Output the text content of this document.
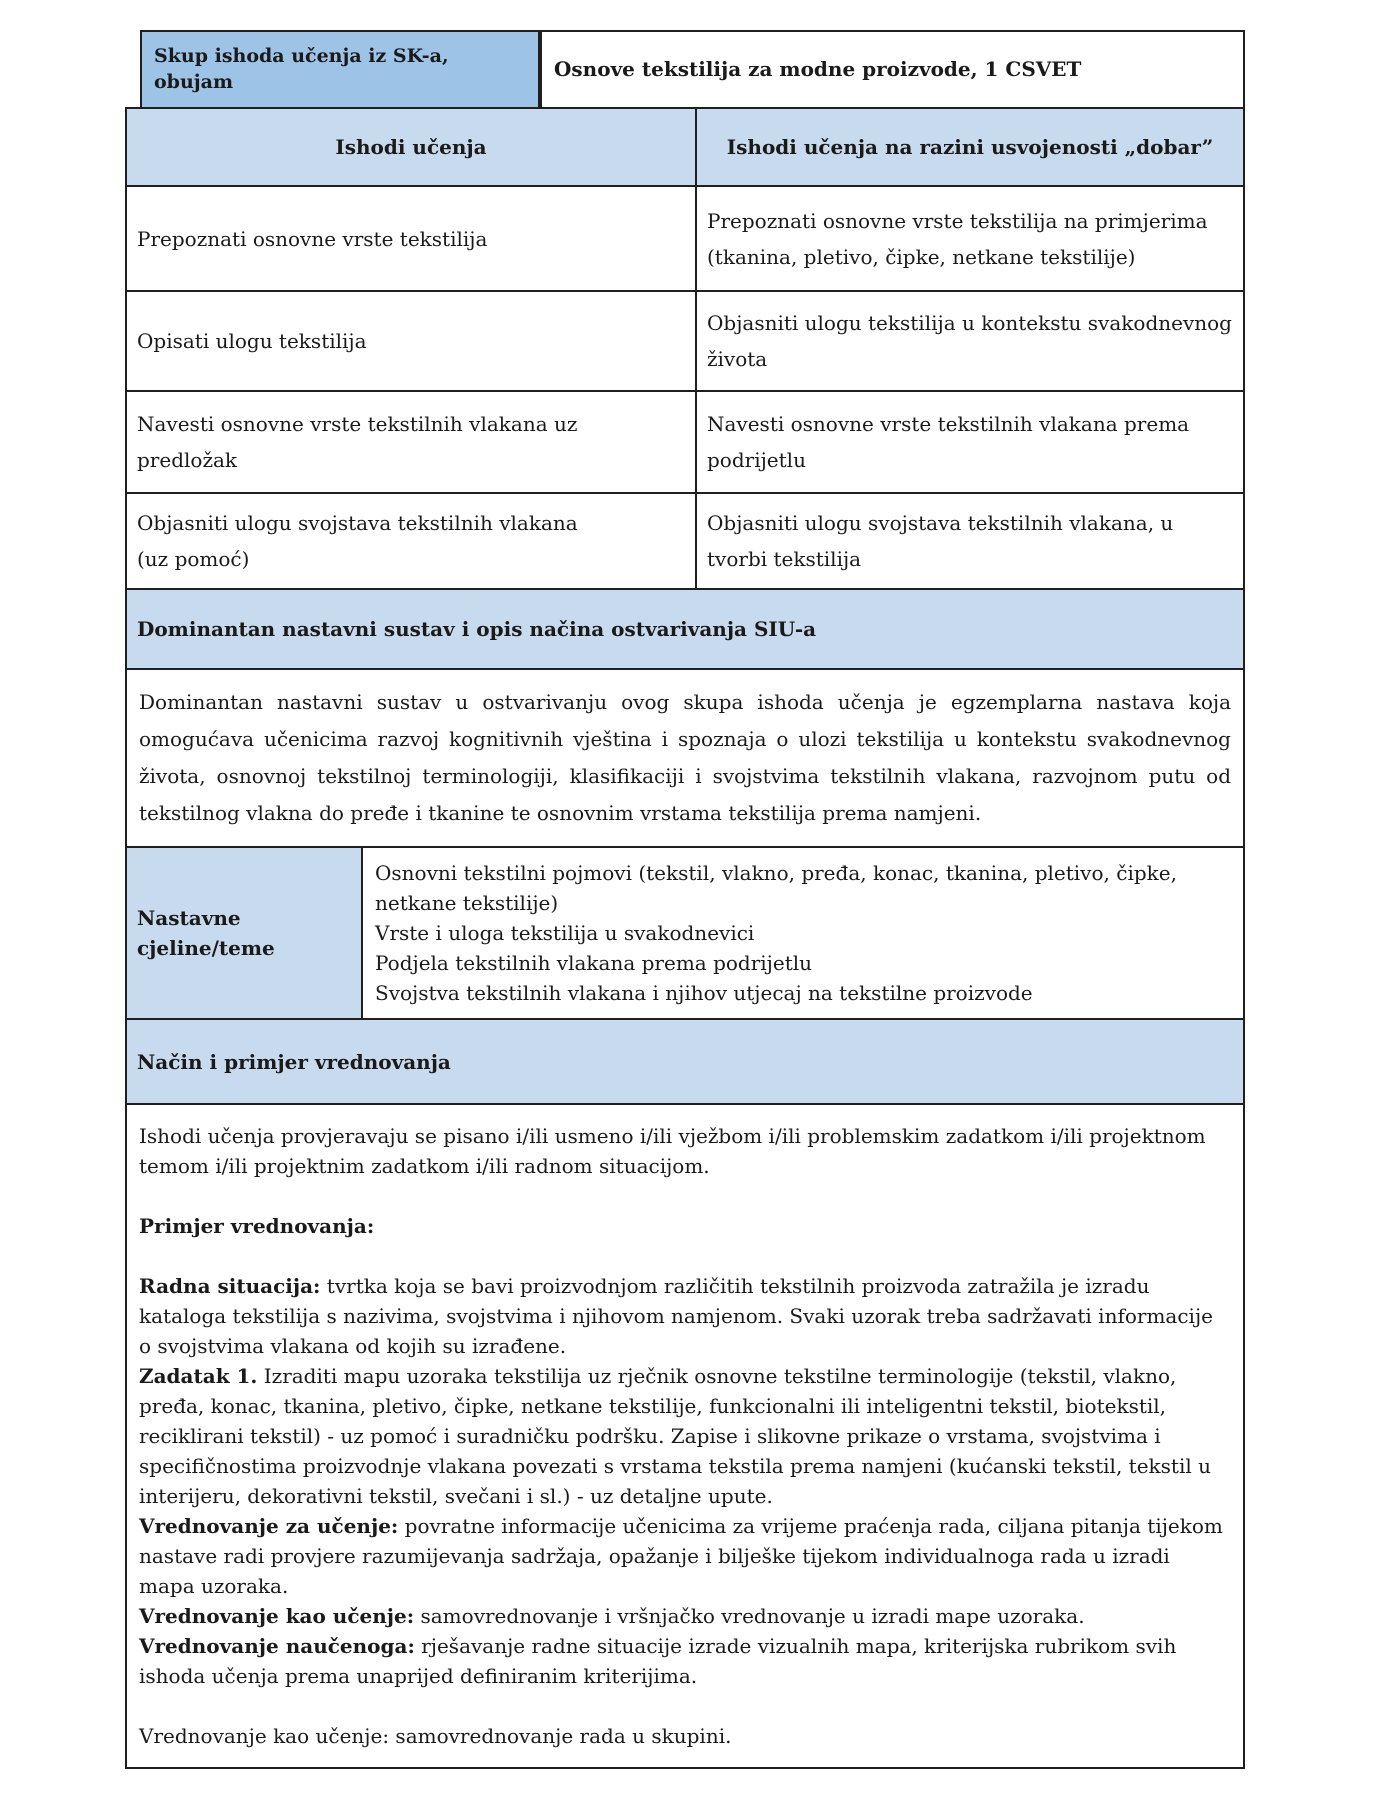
Skup ishoda učenja iz SK-a, obujam
Osnove tekstilija za modne proizvode, 1 CSVET
Ishodi učenja	Ishodi učenja na razini usvojenosti „dobar”
Prepoznati osnovne vrste tekstilija
Prepoznati osnovne vrste tekstilija na primjerima (tkanina, pletivo, čipke, netkane tekstilije)
Opisati ulogu tekstilija
Objasniti ulogu tekstilija u kontekstu svakodnevnog života
Navesti osnovne vrste tekstilnih vlakana uz predložak
Navesti osnovne vrste tekstilnih vlakana prema podrijetlu
Objasniti ulogu svojstava tekstilnih vlakana (uz pomoć)
Objasniti ulogu svojstava tekstilnih vlakana, u tvorbi tekstilija
Dominantan nastavni sustav i opis načina ostvarivanja SIU-a
Dominantan nastavni sustav u ostvarivanju ovog skupa ishoda učenja je egzemplarna nastava koja omogućava učenicima razvoj kognitivnih vještina i spoznaja o ulozi tekstilija u kontekstu svakodnevnog života, osnovnoj tekstilnoj terminologiji, klasifikaciji i svojstvima tekstilnih vlakana, razvojnom putu od tekstilnog vlakna do pređe i tkanine te osnovnim vrstama tekstilija prema namjeni.
Nastavne cjeline/teme
Osnovni tekstilni pojmovi (tekstil, vlakno, pređa, konac, tkanina, pletivo, čipke, netkane tekstilije)
Vrste i uloga tekstilija u svakodnevici
Podjela tekstilnih vlakana prema podrijetlu
Svojstva tekstilnih vlakana i njihov utjecaj na tekstilne proizvode
Način i primjer vrednovanja

Ishodi učenja provjeravaju se pisano i/ili usmeno i/ili vježbom i/ili problemskim zadatkom i/ili projektnom temom i/ili projektnim zadatkom i/ili radnom situacijom.

Primjer vrednovanja:

Radna situacija: tvrtka koja se bavi proizvodnjom različitih tekstilnih proizvoda zatražila je izradu kataloga tekstilija s nazivima, svojstvima i njihovom namjenom. Svaki uzorak treba sadržavati informacije o svojstvima vlakana od kojih su izrađene.

Zadatak 1. Izraditi mapu uzoraka tekstilija uz rječnik osnovne tekstilne terminologije (tekstil, vlakno, pređa, konac, tkanina, pletivo, čipke, netkane tekstilije, funkcionalni ili inteligentni tekstil, biotekstil, reciklirani tekstil) - uz pomoć i suradničku podršku. Zapise i slikovne prikaze o vrstama, svojstvima i specifičnostima proizvodnje vlakana povezati s vrstama tekstila prema namjeni (kućanski tekstil, tekstil u interijeru, dekorativni tekstil, svečani i sl.) - uz detaljne upute.

Vrednovanje za učenje: povratne informacije učenicima za vrijeme praćenja rada, ciljana pitanja tijekom nastave radi provjere razumijevanja sadržaja, opažanje i bilješke tijekom individualnoga rada u izradi mapa uzoraka.

Vrednovanje kao učenje: samovrednovanje i vršnjačko vrednovanje u izradi mape uzoraka.

Vrednovanje naučenoga: rješavanje radne situacije izrade vizualnih mapa, kriterijska rubrikom svih ishoda učenja prema unaprijed definiranim kriterijima.

Vrednovanje kao učenje: samovrednovanje rada u skupini.
